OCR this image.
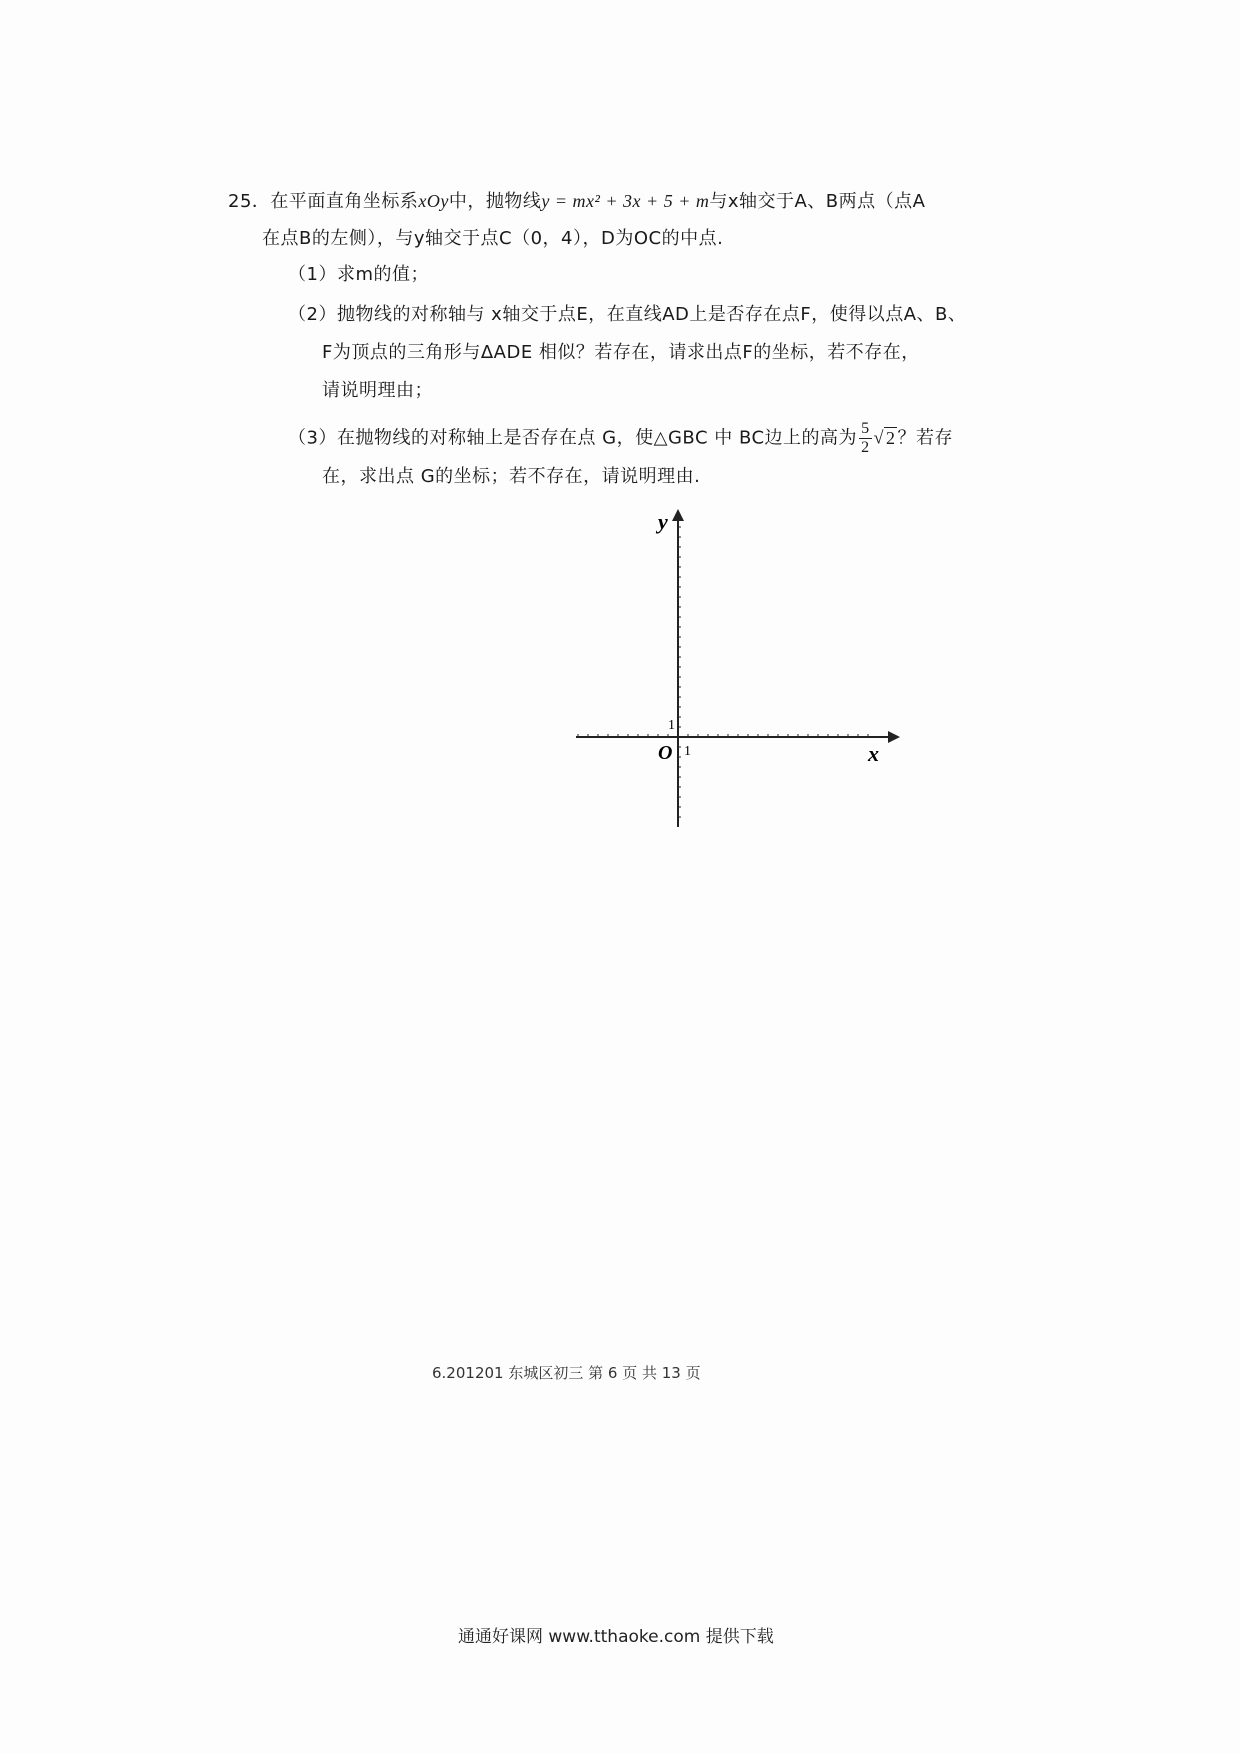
25．在平面直角坐标系xOy中，抛物线y = mx² + 3x + 5 + m与x轴交于A、B两点（点A
在点B的左侧），与y轴交于点C（0，4），D为OC的中点.
（1）求m的值；
（2）抛物线的对称轴与 x轴交于点E，在直线AD上是否存在点F，使得以点A、B、
F为顶点的三角形与ΔADE 相似？若存在，请求出点F的坐标，若不存在，
请说明理由；
（3）在抛物线的对称轴上是否存在点 G，使△GBC 中 BC边上的高为 $\frac{5}{2}$ √ 2 ？若存
在，求出点 G的坐标；若不存在，请说明理由.
y
x
O
1
1
6.201201 东城区初三 第 6 页 共 13 页
通通好课网 www.tthaoke.com 提供下载
